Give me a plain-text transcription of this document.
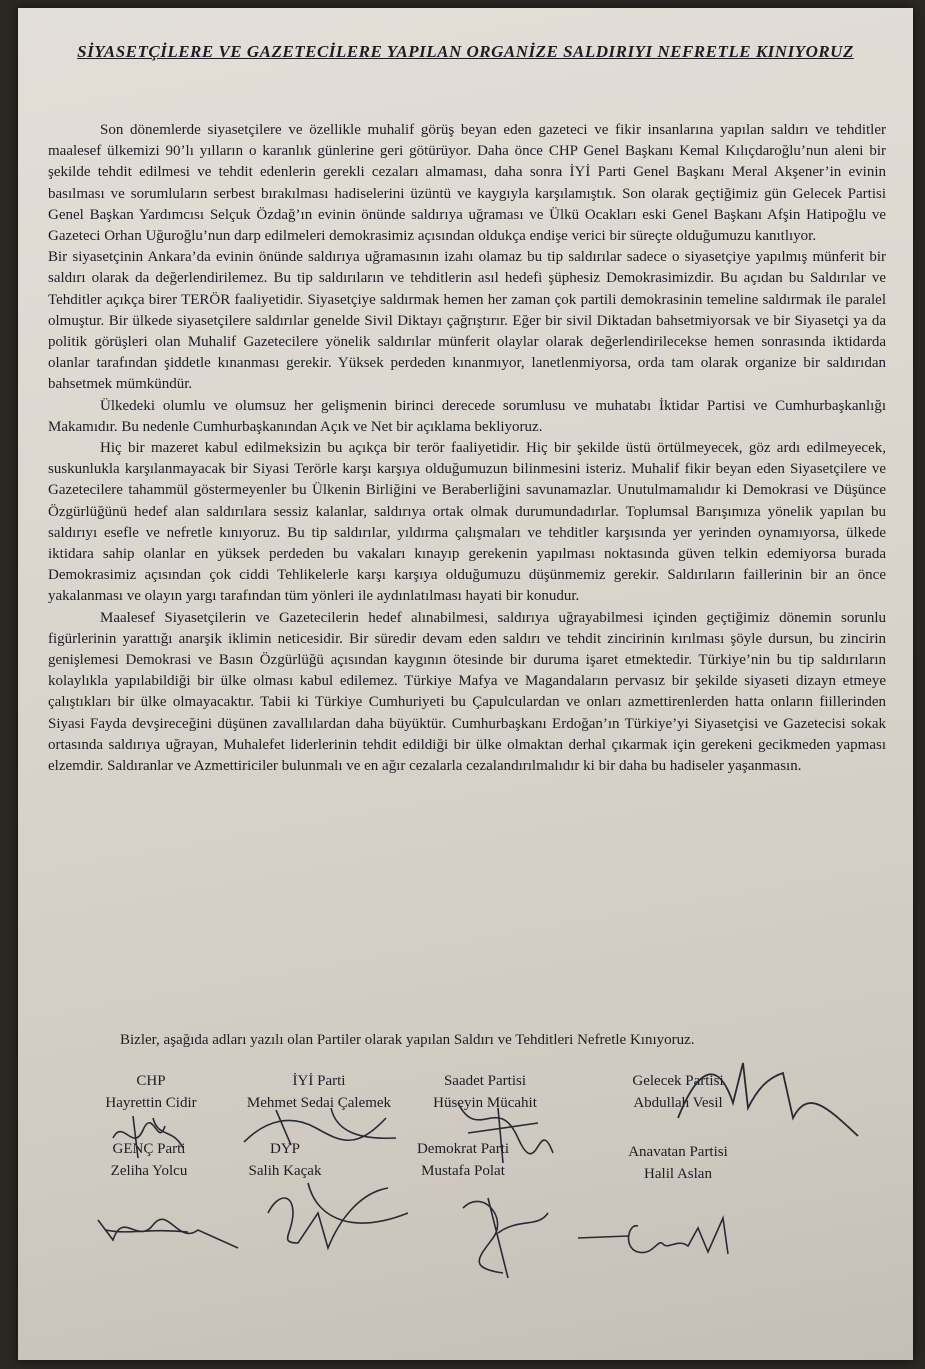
SİYASETÇİLERE VE GAZETECİLERE YAPILAN ORGANİZE SALDIRIYI NEFRETLE KINIYORUZ

Son dönemlerde siyasetçilere ve özellikle muhalif görüş beyan eden gazeteci ve fikir insanlarına yapılan saldırı ve tehditler maalesef ülkemizi 90’lı yılların o karanlık günlerine geri götürüyor. Daha önce CHP Genel Başkanı Kemal Kılıçdaroğlu’nun aleni bir şekilde tehdit edilmesi ve tehdit edenlerin gerekli cezaları almaması, daha sonra İYİ Parti Genel Başkanı Meral Akşener’in evinin basılması ve sorumluların serbest bırakılması hadiselerini üzüntü ve kaygıyla karşılamıştık. Son olarak geçtiğimiz gün Gelecek Partisi Genel Başkan Yardımcısı Selçuk Özdağ’ın evinin önünde saldırıya uğraması ve Ülkü Ocakları eski Genel Başkanı Afşin Hatipoğlu ve Gazeteci Orhan Uğuroğlu’nun darp edilmeleri demokrasimiz açısından oldukça endişe verici bir süreçte olduğumuzu kanıtlıyor.

Bir siyasetçinin Ankara’da evinin önünde saldırıya uğramasının izahı olamaz bu tip saldırılar sadece o siyasetçiye yapılmış münferit bir saldırı olarak da değerlendirilemez. Bu tip saldırıların ve tehditlerin asıl hedefi şüphesiz Demokrasimizdir. Bu açıdan bu Saldırılar ve Tehditler açıkça birer TERÖR faaliyetidir. Siyasetçiye saldırmak hemen her zaman çok partili demokrasinin temeline saldırmak ile paralel olmuştur. Bir ülkede siyasetçilere saldırılar genelde Sivil Diktayı çağrıştırır. Eğer bir sivil Diktadan bahsetmiyorsak ve bir Siyasetçi ya da politik görüşleri olan Muhalif Gazetecilere yönelik saldırılar münferit olaylar olarak değerlendirilecekse hemen sonrasında iktidarda olanlar tarafından şiddetle kınanması gerekir. Yüksek perdeden kınanmıyor, lanetlenmiyorsa, orda tam olarak organize bir saldırıdan bahsetmek mümkündür.

Ülkedeki olumlu ve olumsuz her gelişmenin birinci derecede sorumlusu ve muhatabı İktidar Partisi ve Cumhurbaşkanlığı Makamıdır. Bu nedenle Cumhurbaşkanından Açık ve Net bir açıklama bekliyoruz.

Hiç bir mazeret kabul edilmeksizin bu açıkça bir terör faaliyetidir. Hiç bir şekilde üstü örtülmeyecek, göz ardı edilmeyecek, suskunlukla karşılanmayacak bir Siyasi Terörle karşı karşıya olduğumuzun bilinmesini isteriz. Muhalif fikir beyan eden Siyasetçilere ve Gazetecilere tahammül göstermeyenler bu Ülkenin Birliğini ve Beraberliğini savunamazlar. Unutulmamalıdır ki Demokrasi ve Düşünce Özgürlüğünü hedef alan saldırılara sessiz kalanlar, saldırıya ortak olmak durumundadırlar. Toplumsal Barışımıza yönelik yapılan bu saldırıyı esefle ve nefretle kınıyoruz. Bu tip saldırılar, yıldırma çalışmaları ve tehditler karşısında yer yerinden oynamıyorsa, ülkede iktidara sahip olanlar en yüksek perdeden bu vakaları kınayıp gerekenin yapılması noktasında güven telkin edemiyorsa burada Demokrasimiz açısından çok ciddi Tehlikelerle karşı karşıya olduğumuzu düşünmemiz gerekir. Saldırıların faillerinin bir an önce yakalanması ve olayın yargı tarafından tüm yönleri ile aydınlatılması hayati bir konudur.

Maalesef Siyasetçilerin ve Gazetecilerin hedef alınabilmesi, saldırıya uğrayabilmesi içinden geçtiğimiz dönemin sorunlu figürlerinin yarattığı anarşik iklimin neticesidir. Bir süredir devam eden saldırı ve tehdit zincirinin kırılması şöyle dursun, bu zincirin genişlemesi Demokrasi ve Basın Özgürlüğü açısından kaygının ötesinde bir duruma işaret etmektedir. Türkiye’nin bu tip saldırıların kolaylıkla yapılabildiği bir ülke olması kabul edilemez. Türkiye Mafya ve Magandaların pervasız bir şekilde siyaseti dizayn etmeye çalıştıkları bir ülke olmayacaktır. Tabii ki Türkiye Cumhuriyeti bu Çapulculardan ve onları azmettirenlerden hatta onların fiillerinden Siyasi Fayda devşireceğini düşünen zavallılardan daha büyüktür. Cumhurbaşkanı Erdoğan’ın Türkiye’yi Siyasetçisi ve Gazetecisi sokak ortasında saldırıya uğrayan, Muhalefet liderlerinin tehdit edildiği bir ülke olmaktan derhal çıkarmak için gerekeni gecikmeden yapması elzemdir. Saldıranlar ve Azmettiriciler bulunmalı ve en ağır cezalarla cezalandırılmalıdır ki bir daha bu hadiseler yaşanmasın.

Bizler, aşağıda adları yazılı olan Partiler olarak yapılan Saldırı ve Tehditleri Nefretle Kınıyoruz.
CHP
Hayrettin Cidir
İYİ Parti
Mehmet Sedai Çalemek
Saadet Partisi
Hüseyin Mücahit
Gelecek Partisi
Abdullah Vesil
GENÇ Parti
Zeliha Yolcu
DYP
Salih Kaçak
Demokrat Parti
Mustafa Polat
Anavatan Partisi
Halil Aslan
